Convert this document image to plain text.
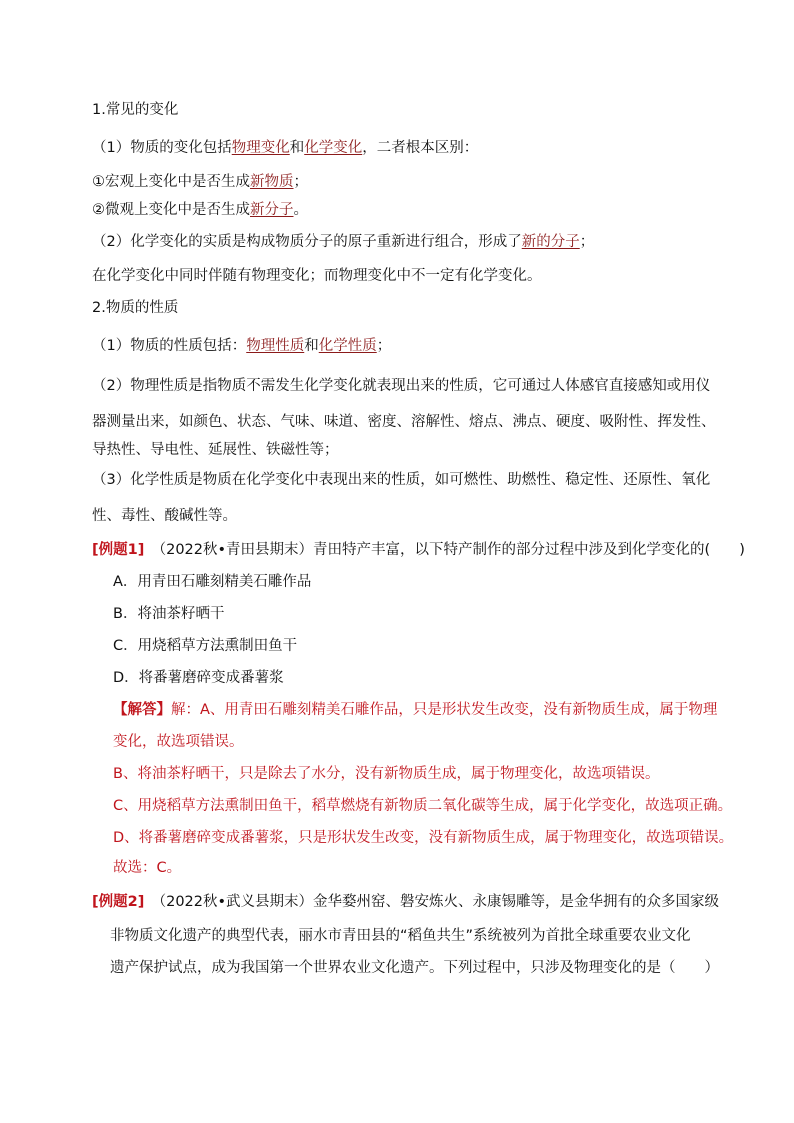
1.常见的变化
（1）物质的变化包括物理变化和化学变化，二者根本区别：
①宏观上变化中是否生成新物质；
②微观上变化中是否生成新分子。
（2）化学变化的实质是构成物质分子的原子重新进行组合，形成了新的分子；
在化学变化中同时伴随有物理变化；而物理变化中不一定有化学变化。
2.物质的性质
（1）物质的性质包括：物理性质和化学性质；
（2）物理性质是指物质不需发生化学变化就表现出来的性质，它可通过人体感官直接感知或用仪
器测量出来，如颜色、状态、气味、味道、密度、溶解性、熔点、沸点、硬度、吸附性、挥发性、
导热性、导电性、延展性、铁磁性等；
（3）化学性质是物质在化学变化中表现出来的性质，如可燃性、助燃性、稳定性、还原性、氧化
性、毒性、酸碱性等。
[例题1]　 （2022秋•青田县期末）青田特产丰富，以下特产制作的部分过程中涉及到化学变化的(　　)
A．用青田石雕刻精美石雕作品
B．将油茶籽晒干
C．用烧稻草方法熏制田鱼干
D．将番薯磨碎变成番薯浆
【解答】解：A、用青田石雕刻精美石雕作品，只是形状发生改变，没有新物质生成，属于物理
变化，故选项错误。
B、将油茶籽晒干，只是除去了水分，没有新物质生成，属于物理变化，故选项错误。
C、用烧稻草方法熏制田鱼干，稻草燃烧有新物质二氧化碳等生成，属于化学变化，故选项正确。
D、将番薯磨碎变成番薯浆，只是形状发生改变，没有新物质生成，属于物理变化，故选项错误。
故选：C。
[例题2]　 （2022秋•武义县期末）金华婺州窑、磐安炼火、永康锡雕等，是金华拥有的众多国家级
非物质文化遗产的典型代表，丽水市青田县的“稻鱼共生”系统被列为首批全球重要农业文化
遗产保护试点，成为我国第一个世界农业文化遗产。下列过程中，只涉及物理变化的是（　　）
